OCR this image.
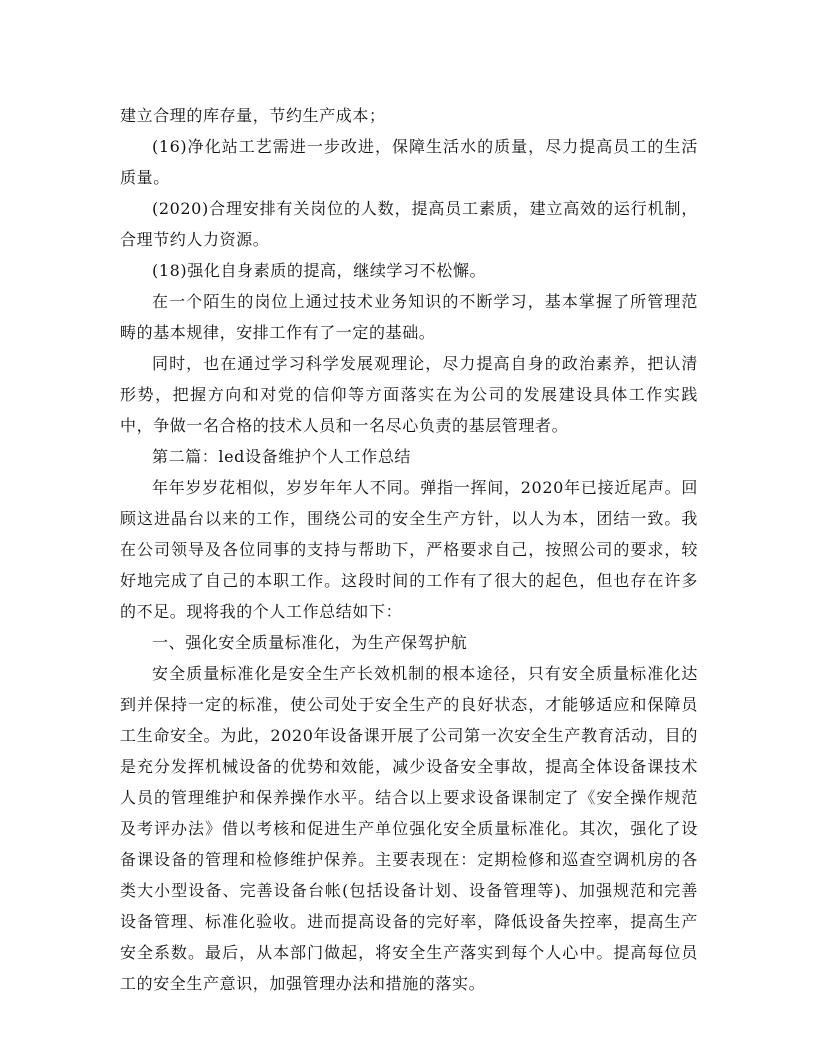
建立合理的库存量，节约生产成本；

(16)净化站工艺需进一步改进，保障生活水的质量，尽力提高员工的生活质量。

(2020)合理安排有关岗位的人数，提高员工素质，建立高效的运行机制，合理节约人力资源。

(18)强化自身素质的提高，继续学习不松懈。

在一个陌生的岗位上通过技术业务知识的不断学习，基本掌握了所管理范畴的基本规律，安排工作有了一定的基础。

同时，也在通过学习科学发展观理论，尽力提高自身的政治素养，把认清形势，把握方向和对党的信仰等方面落实在为公司的发展建设具体工作实践中，争做一名合格的技术人员和一名尽心负责的基层管理者。

第二篇：led设备维护个人工作总结

年年岁岁花相似，岁岁年年人不同。弹指一挥间，2020年已接近尾声。回顾这进晶台以来的工作，围绕公司的安全生产方针，以人为本，团结一致。我在公司领导及各位同事的支持与帮助下，严格要求自己，按照公司的要求，较好地完成了自己的本职工作。这段时间的工作有了很大的起色，但也存在许多的不足。现将我的个人工作总结如下：

一、强化安全质量标准化，为生产保驾护航

安全质量标准化是安全生产长效机制的根本途径，只有安全质量标准化达到并保持一定的标准，使公司处于安全生产的良好状态，才能够适应和保障员工生命安全。为此，2020年设备课开展了公司第一次安全生产教育活动，目的是充分发挥机械设备的优势和效能，减少设备安全事故，提高全体设备课技术人员的管理维护和保养操作水平。结合以上要求设备课制定了《安全操作规范及考评办法》借以考核和促进生产单位强化安全质量标准化。其次，强化了设备课设备的管理和检修维护保养。主要表现在：定期检修和巡查空调机房的各类大小型设备、完善设备台帐(包括设备计划、设备管理等)、加强规范和完善设备管理、标准化验收。进而提高设备的完好率，降低设备失控率，提高生产安全系数。最后，从本部门做起，将安全生产落实到每个人心中。提高每位员工的安全生产意识，加强管理办法和措施的落实。
